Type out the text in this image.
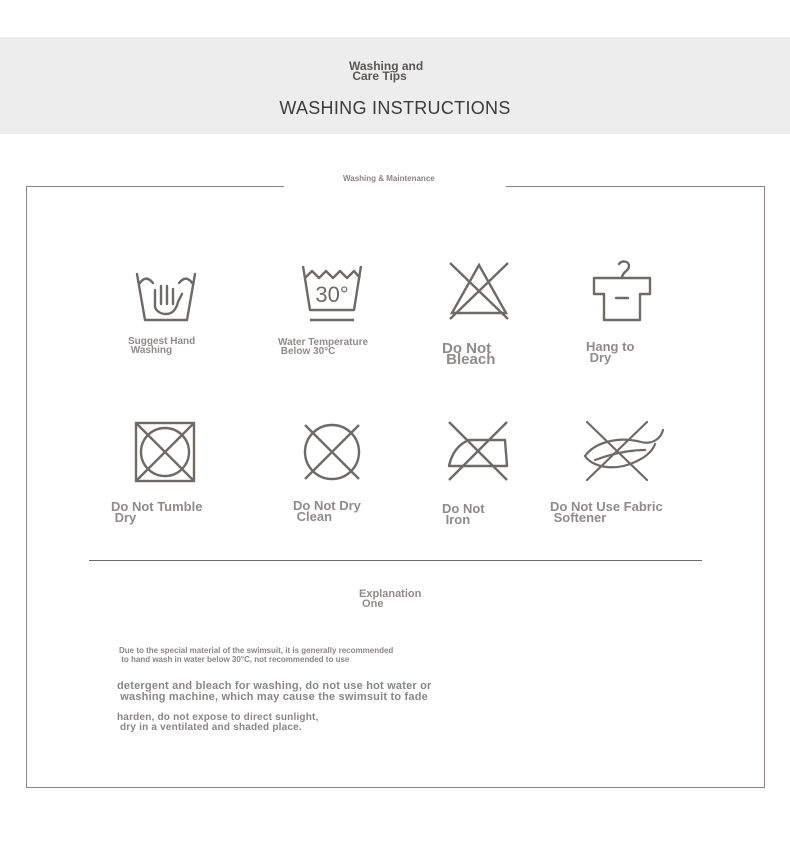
Washing and
Care Tips
WASHING INSTRUCTIONS
Washing & Maintenance
30°
Suggest Hand
Washing
Water Temperature
Below 30°C	Do Not
Bleach
Hang to
Dry
Do Not Tumble
Dry
Do Not Dry
Clean
Do Not
Iron
Do Not Use Fabric
Softener
Explanation
One
Due to the special material of the swimsuit, it is generally recommended
to hand wash in water below 30°C, not recommended to use
detergent and bleach for washing, do not use hot water or
washing machine, which may cause the swimsuit to fade
harden, do not expose to direct sunlight,
dry in a ventilated and shaded place.
